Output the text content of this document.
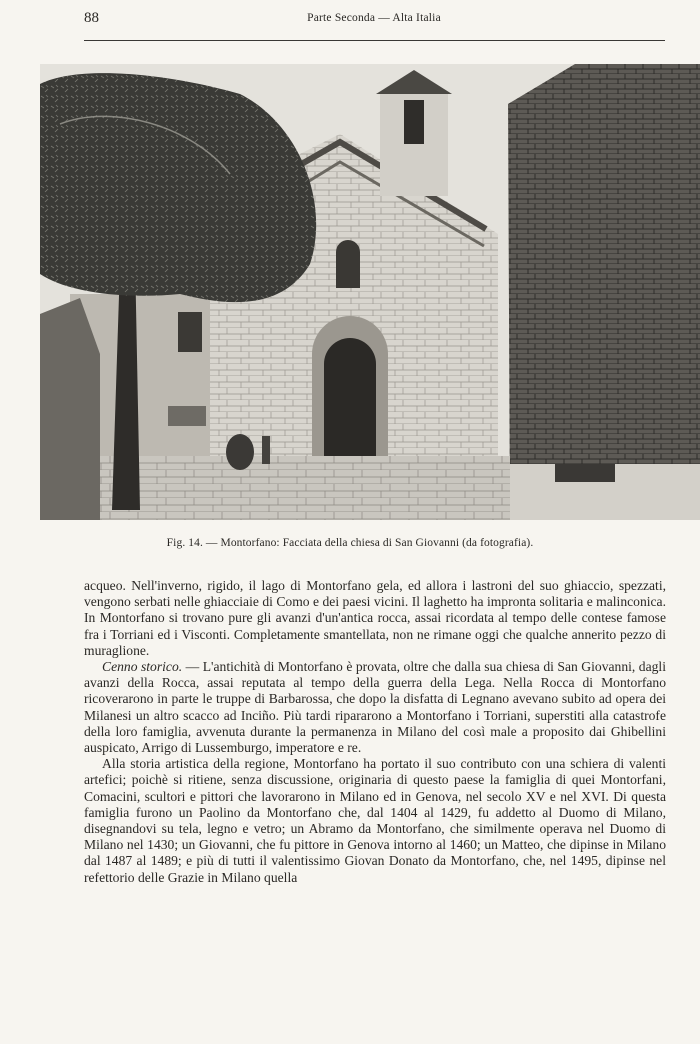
88	Parte Seconda — Alta Italia
Fig. 14. — Montorfano: Facciata della chiesa di San Giovanni (da fotografia).

acqueo. Nell'inverno, rigido, il lago di Montorfano gela, ed allora i lastroni del suo ghiaccio, spezzati, vengono serbati nelle ghiacciaie di Como e dei paesi vicini. Il laghetto ha impronta solitaria e malinconica. In Montorfano si trovano pure gli avanzi d'un'antica rocca, assai ricordata al tempo delle contese famose fra i Torriani ed i Visconti. Completamente smantellata, non ne rimane oggi che qualche annerito pezzo di muraglione.

Cenno storico. — L'antichità di Montorfano è provata, oltre che dalla sua chiesa di San Giovanni, dagli avanzi della Rocca, assai reputata al tempo della guerra della Lega. Nella Rocca di Montorfano ricoverarono in parte le truppe di Barbarossa, che dopo la disfatta di Legnano avevano subito ad opera dei Milanesi un altro scacco ad Inciño. Più tardi ripararono a Montorfano i Torriani, superstiti alla catastrofe della loro famiglia, avvenuta durante la permanenza in Milano del così male a proposito dai Ghibellini auspicato, Arrigo di Lussemburgo, imperatore e re.

Alla storia artistica della regione, Montorfano ha portato il suo contributo con una schiera di valenti artefici; poichè si ritiene, senza discussione, originaria di questo paese la famiglia di quei Montorfani, Comacini, scultori e pittori che lavorarono in Milano ed in Genova, nel secolo XV e nel XVI. Di questa famiglia furono un Paolino da Montorfano che, dal 1404 al 1429, fu addetto al Duomo di Milano, disegnandovi su tela, legno e vetro; un Abramo da Montorfano, che similmente operava nel Duomo di Milano nel 1430; un Giovanni, che fu pittore in Genova intorno al 1460; un Matteo, che dipinse in Milano dal 1487 al 1489; e più di tutti il valentissimo Giovan Donato da Montorfano, che, nel 1495, dipinse nel refettorio delle Grazie in Milano quella
